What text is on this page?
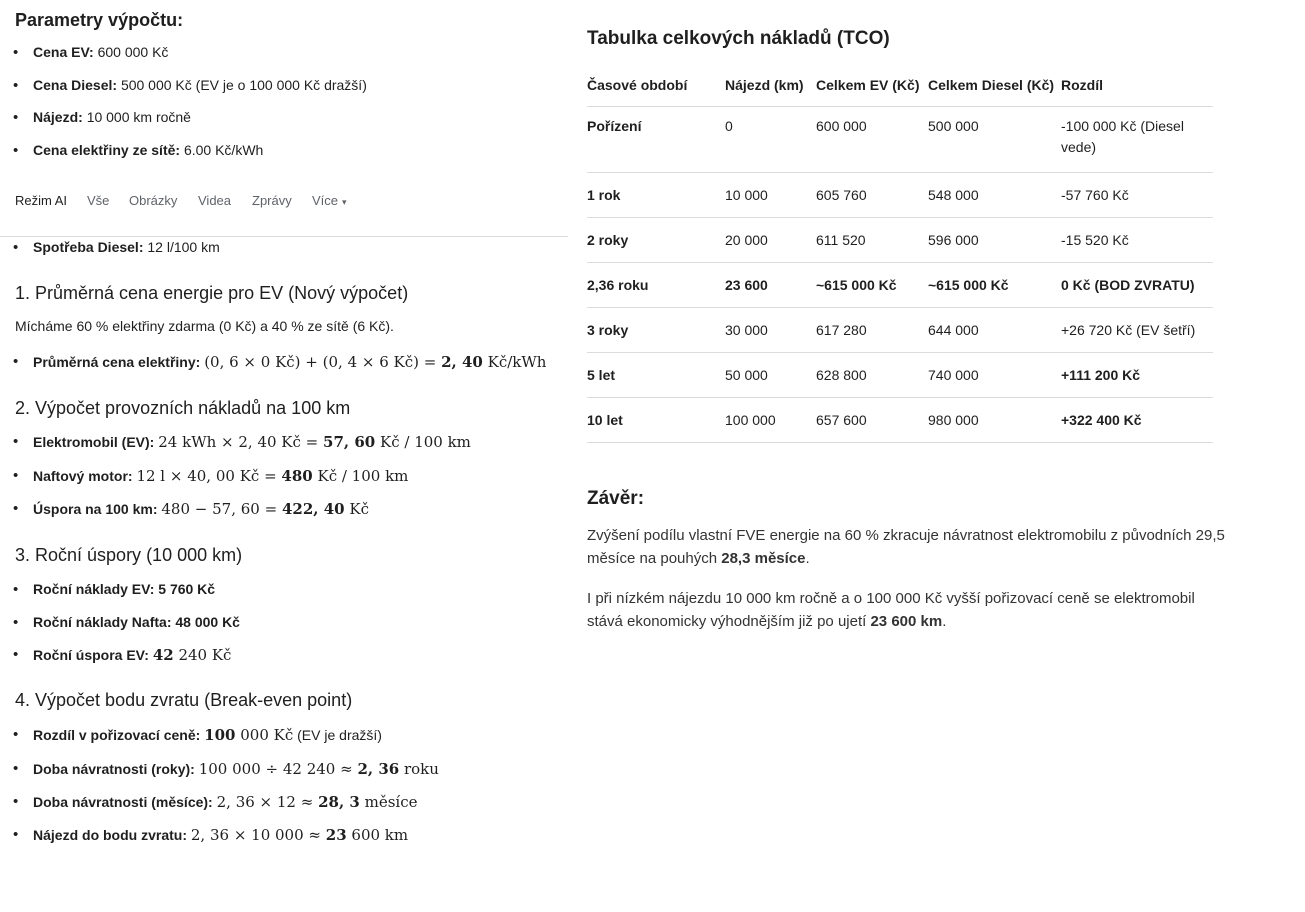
Parametry výpočtu:
• Cena EV: 600 000 Kč
• Cena Diesel: 500 000 Kč (EV je o 100 000 Kč dražší)
• Nájezd: 10 000 km ročně
• Cena elektřiny ze sítě: 6.00 Kč/kWh
Režim AI Vše Obrázky Videa Zprávy Více ▾
• Spotřeba Diesel: 12 l/100 km
1. Průměrná cena energie pro EV (Nový výpočet)
Mícháme 60 % elektřiny zdarma (0 Kč) a 40 % ze sítě (6 Kč).
• Průměrná cena elektřiny: (0, 6 × 0 Kč) + (0, 4 × 6 Kč) = 2, 40 Kč/kWh
2. Výpočet provozních nákladů na 100 km
• Elektromobil (EV): 24 kWh × 2, 40 Kč = 57, 60 Kč / 100 km
• Naftový motor: 12 l × 40, 00 Kč = 480 Kč / 100 km
• Úspora na 100 km: 480 − 57, 60 = 422, 40 Kč
3. Roční úspory (10 000 km)
• Roční náklady EV: 5 760 Kč
• Roční náklady Nafta: 48 000 Kč
• Roční úspora EV: 42 240 Kč
4. Výpočet bodu zvratu (Break-even point)
• Rozdíl v pořizovací ceně: 100 000 Kč (EV je dražší)
• Doba návratnosti (roky): 100 000 ÷ 42 240 ≈ 2, 36 roku
• Doba návratnosti (měsíce): 2, 36 × 12 ≈ 28, 3 měsíce
• Nájezd do bodu zvratu: 2, 36 × 10 000 ≈ 23 600 km
Tabulka celkových nákladů (TCO)
Časové období	Nájezd (km)	Celkem EV (Kč)	Celkem Diesel (Kč)	Rozdíl
Pořízení	0	600 000	500 000	-100 000 Kč (Diesel vede)
1 rok	10 000	605 760	548 000	-57 760 Kč
2 roky	20 000	611 520	596 000	-15 520 Kč
2,36 roku	23 600	~615 000 Kč	~615 000 Kč	0 Kč (BOD ZVRATU)
3 roky	30 000	617 280	644 000	+26 720 Kč (EV šetří)
5 let	50 000	628 800	740 000	+111 200 Kč
10 let	100 000	657 600	980 000	+322 400 Kč
Závěr:
Zvýšení podílu vlastní FVE energie na 60 % zkracuje návratnost elektromobilu z původních 29,5 měsíce na pouhých 28,3 měsíce.
I při nízkém nájezdu 10 000 km ročně a o 100 000 Kč vyšší pořizovací ceně se elektromobil stává ekonomicky výhodnějším již po ujetí 23 600 km.
